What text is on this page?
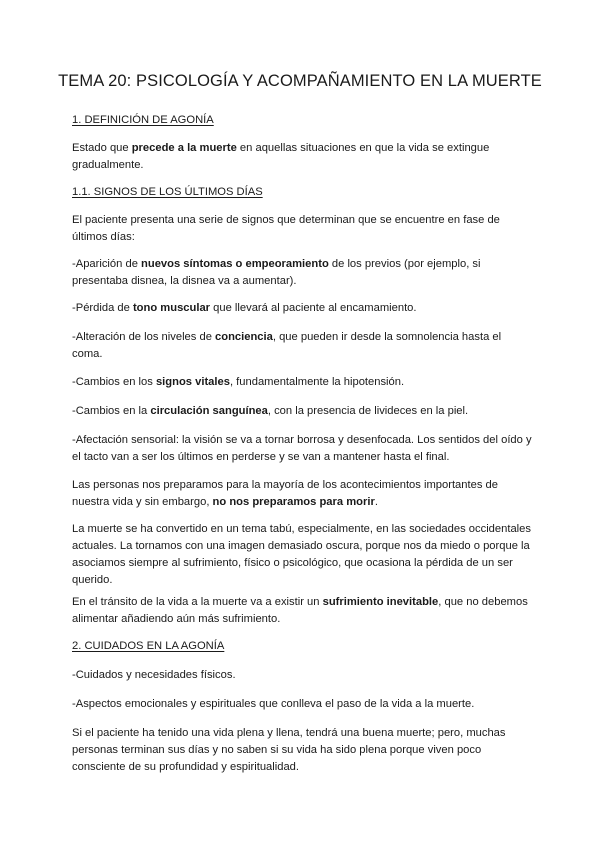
TEMA 20: PSICOLOGÍA Y ACOMPAÑAMIENTO EN LA MUERTE

1. DEFINICIÓN DE AGONÍA

Estado que precede a la muerte en aquellas situaciones en que la vida se extingue gradualmente.

1.1. SIGNOS DE LOS ÚLTIMOS DÍAS

El paciente presenta una serie de signos que determinan que se encuentre en fase de últimos días:

-Aparición de nuevos síntomas o empeoramiento de los previos (por ejemplo, si presentaba disnea, la disnea va a aumentar).

-Pérdida de tono muscular que llevará al paciente al encamamiento.

-Alteración de los niveles de conciencia, que pueden ir desde la somnolencia hasta el coma.

-Cambios en los signos vitales, fundamentalmente la hipotensión.

-Cambios en la circulación sanguínea, con la presencia de livideces en la piel.

-Afectación sensorial: la visión se va a tornar borrosa y desenfocada. Los sentidos del oído y el tacto van a ser los últimos en perderse y se van a mantener hasta el final.

Las personas nos preparamos para la mayoría de los acontecimientos importantes de nuestra vida y sin embargo, no nos preparamos para morir.

La muerte se ha convertido en un tema tabú, especialmente, en las sociedades occidentales actuales. La tornamos con una imagen demasiado oscura, porque nos da miedo o porque la asociamos siempre al sufrimiento, físico o psicológico, que ocasiona la pérdida de un ser querido.

En el tránsito de la vida a la muerte va a existir un sufrimiento inevitable, que no debemos alimentar añadiendo aún más sufrimiento.

2. CUIDADOS EN LA AGONÍA

-Cuidados y necesidades físicos.

-Aspectos emocionales y espirituales que conlleva el paso de la vida a la muerte.

Si el paciente ha tenido una vida plena y llena, tendrá una buena muerte; pero, muchas personas terminan sus días y no saben si su vida ha sido plena porque viven poco consciente de su profundidad y espiritualidad.
